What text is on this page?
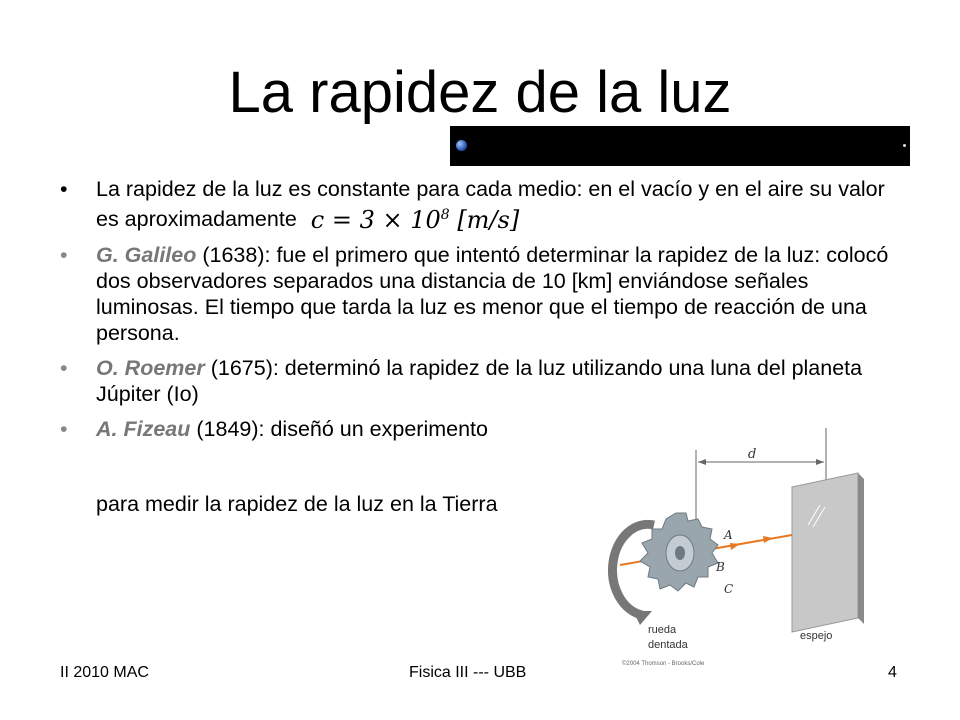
La rapidez de la luz
• La rapidez de la luz es constante para cada medio: en el vacío y en el aire su valor es aproximadamente $c = 3 \times 10^8$ [m/s]
• G. Galileo (1638): fue el primero que intentó determinar la rapidez de la luz: colocó dos observadores separados una distancia de 10 [km] enviándose señales luminosas. El tiempo que tarda la luz es menor que el tiempo de reacción de una persona.
• O. Roemer (1675): determinó la rapidez de la luz utilizando una luna del planeta Júpiter (Io)
• A. Fizeau (1849): diseñó un experimento
para medir la rapidez de la luz en la Tierra
d
A
B
C
rueda
dentada
espejo
©2004 Thomson - Brooks/Cole
II 2010 MAC	Fisica III --- UBB	4
